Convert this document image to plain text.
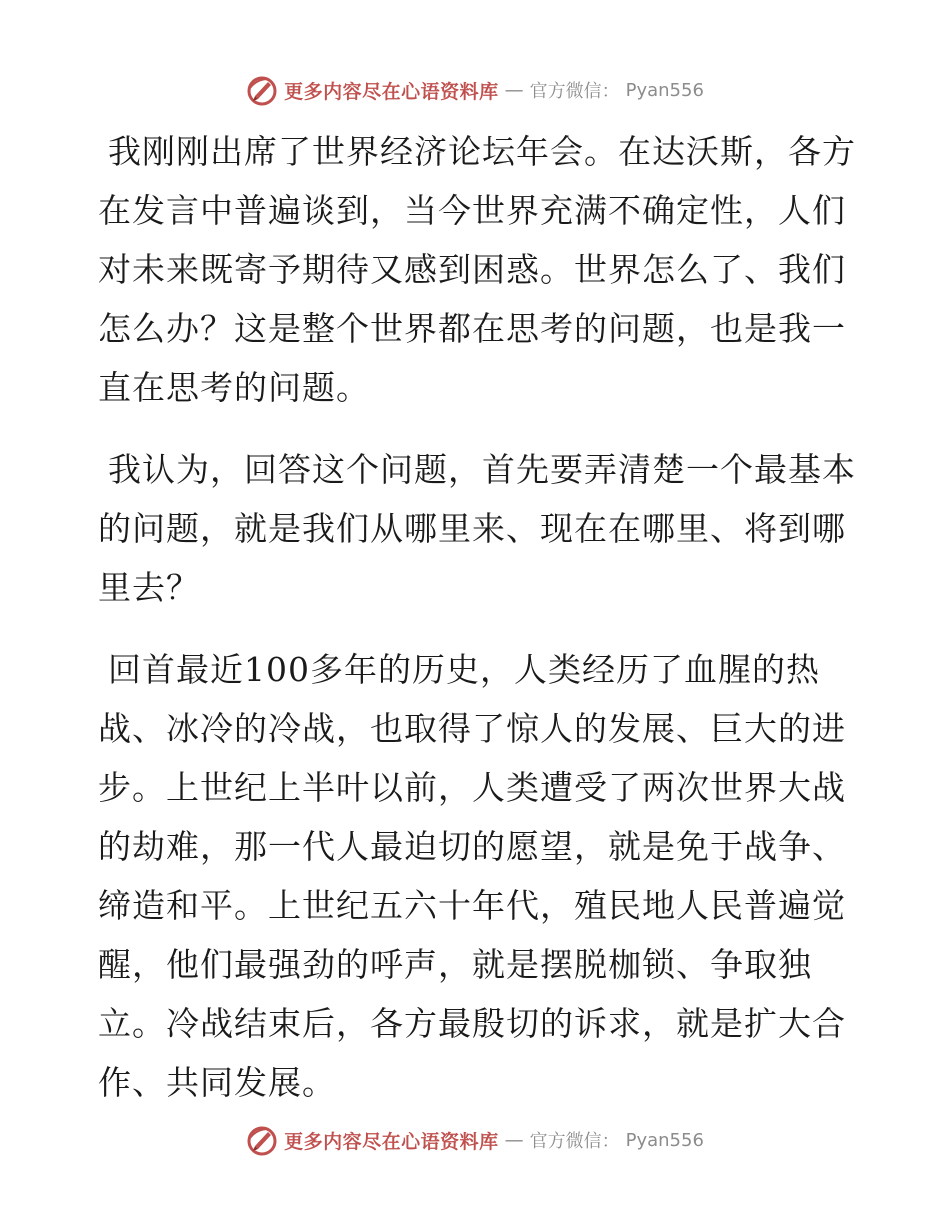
更多内容尽在心语资料库 — 官方微信： Pyan556

我刚刚出席了世界经济论坛年会。在达沃斯，各方在发言中普遍谈到，当今世界充满不确定性，人们对未来既寄予期待又感到困惑。世界怎么了、我们怎么办？这是整个世界都在思考的问题，也是我一直在思考的问题。

我认为，回答这个问题，首先要弄清楚一个最基本的问题，就是我们从哪里来、现在在哪里、将到哪里去？

回首最近100多年的历史，人类经历了血腥的热战、冰冷的冷战，也取得了惊人的发展、巨大的进步。上世纪上半叶以前，人类遭受了两次世界大战的劫难，那一代人最迫切的愿望，就是免于战争、缔造和平。上世纪五六十年代，殖民地人民普遍觉醒，他们最强劲的呼声，就是摆脱枷锁、争取独立。冷战结束后，各方最殷切的诉求，就是扩大合作、共同发展。

更多内容尽在心语资料库 — 官方微信： Pyan556
